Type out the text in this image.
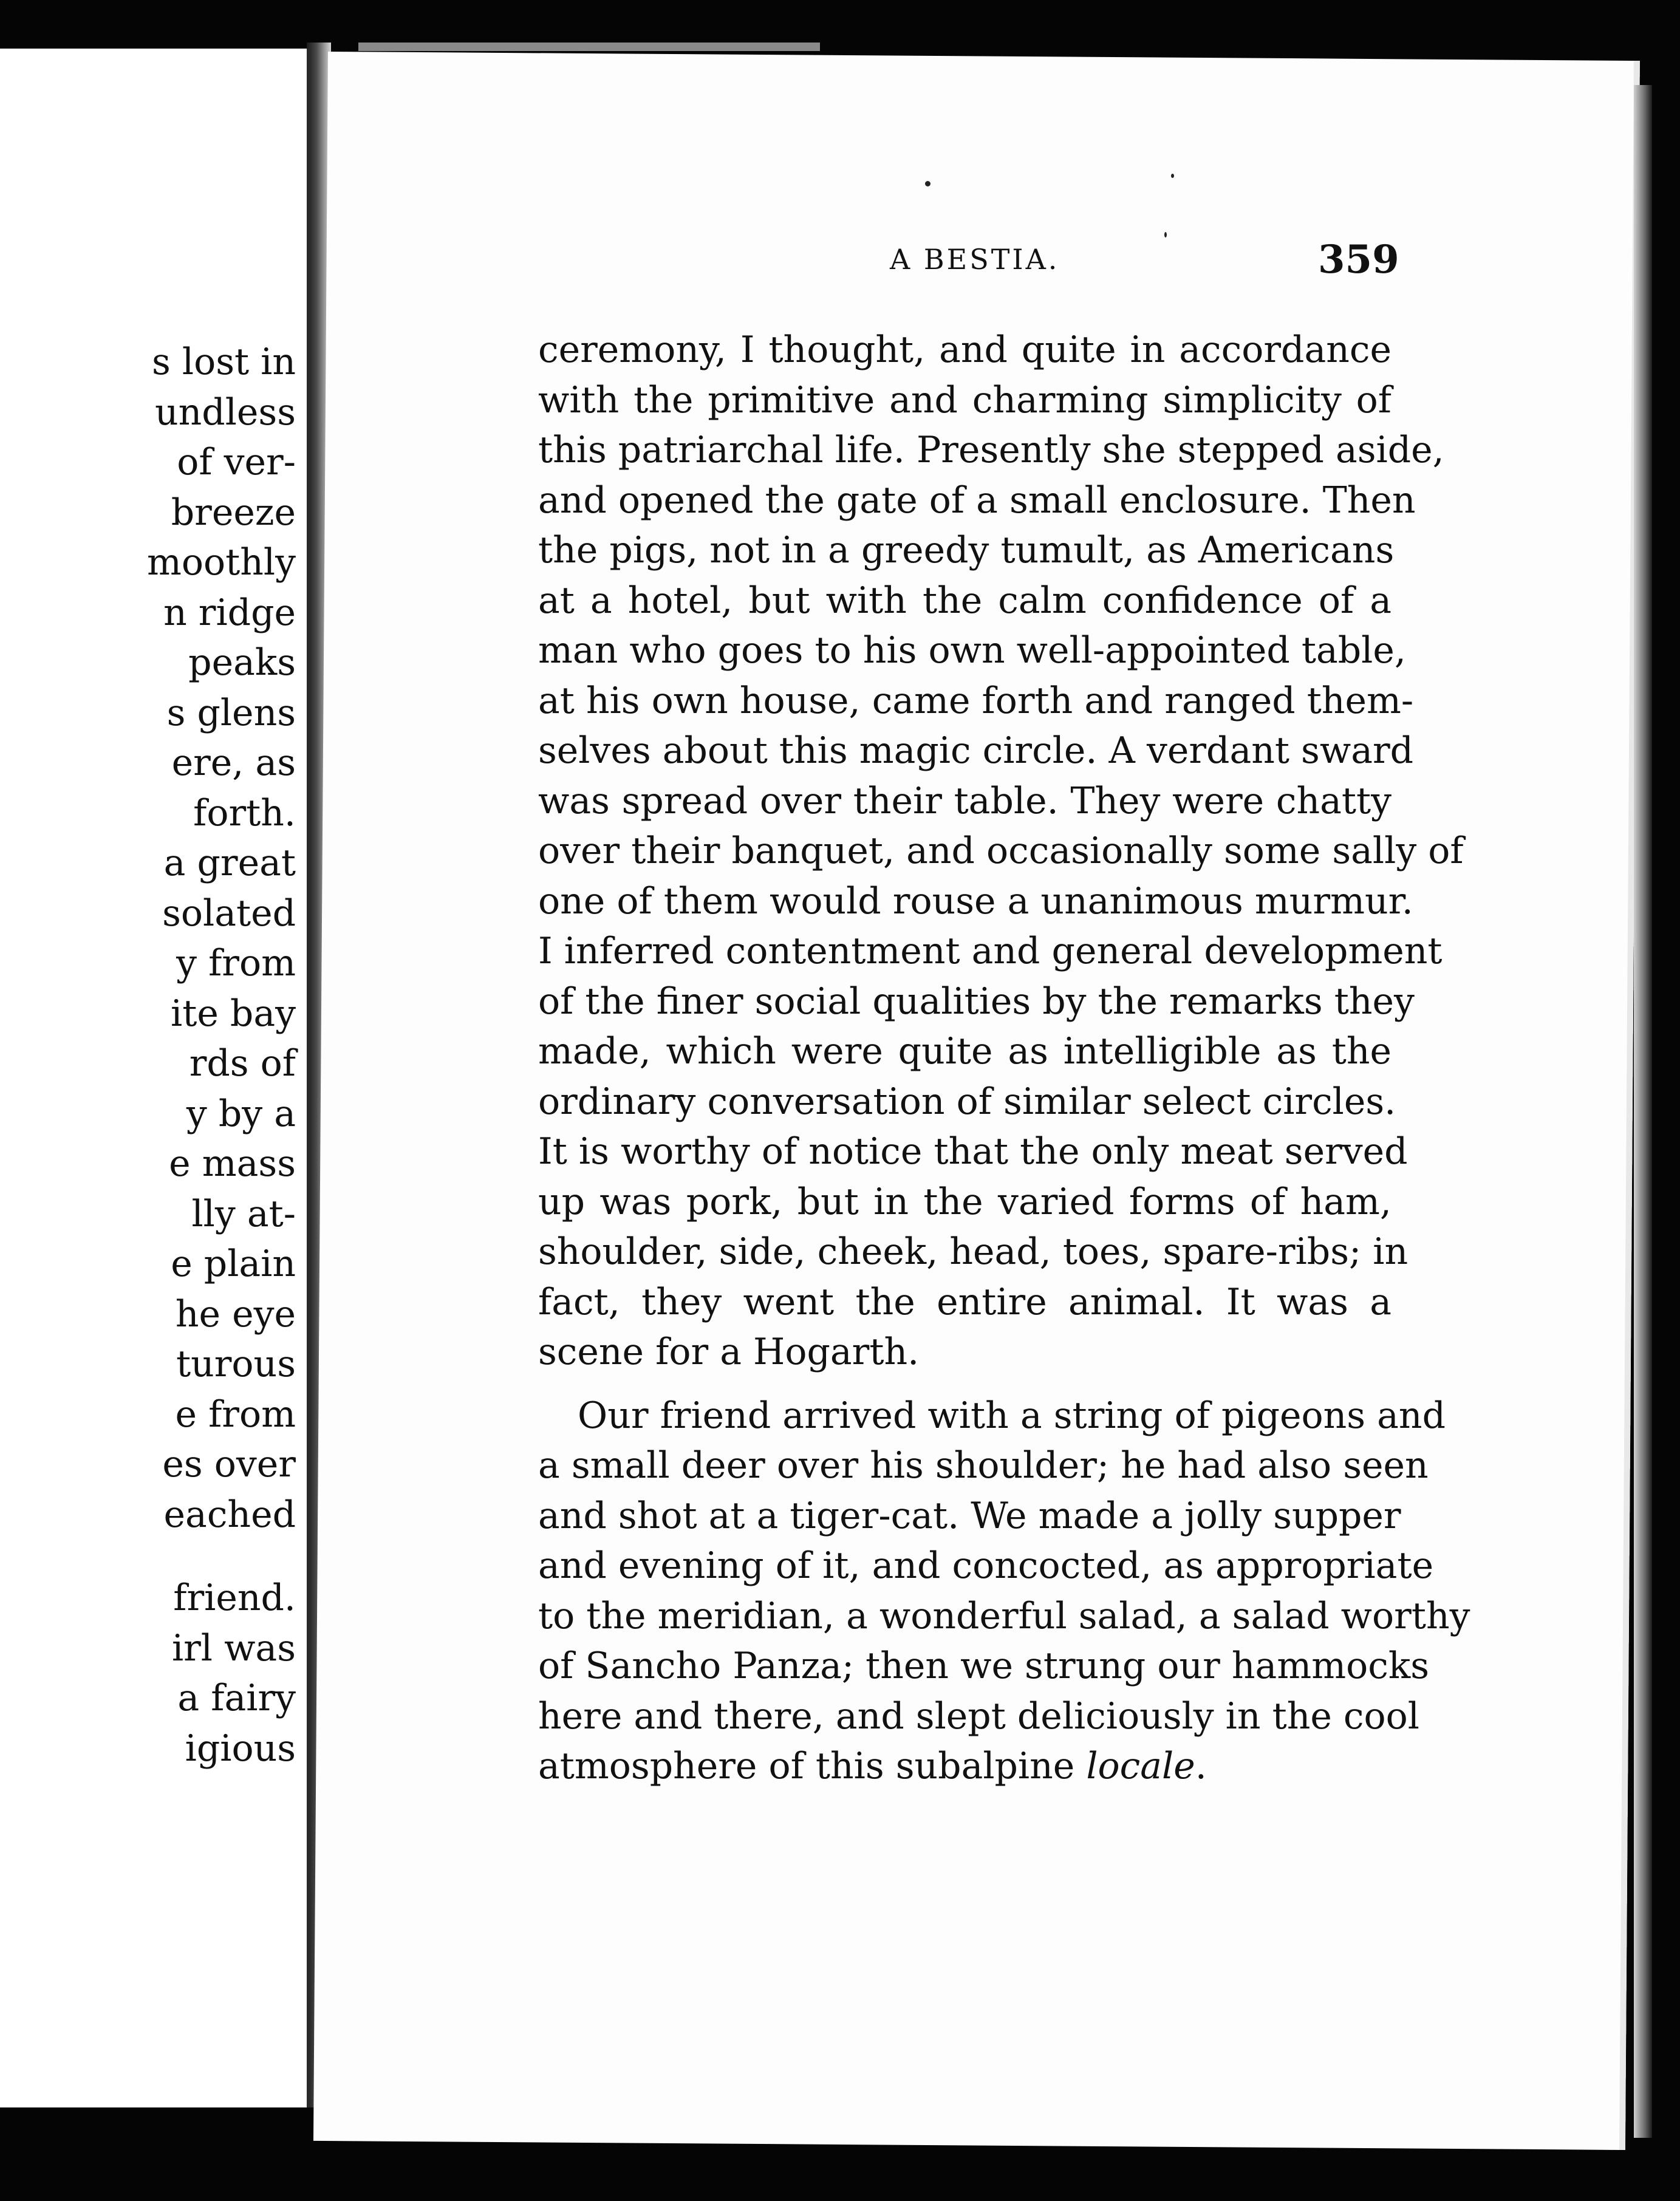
s lost in
undless
of ver-
breeze
moothly
n ridge
peaks
s glens
ere, as
forth.
a great
solated
y from
ite bay
rds of
y by a
e mass
lly at-
e plain
he eye
turous
e from
es over
eached
friend.
irl was
a fairy
igious
A BESTIA.	359
ceremony, I thought, and quite in accordance
with the primitive and charming simplicity of
this patriarchal life. Presently she stepped aside,
and opened the gate of a small enclosure. Then
the pigs, not in a greedy tumult, as Americans
at a hotel, but with the calm confidence of a
man who goes to his own well-appointed table,
at his own house, came forth and ranged them-
selves about this magic circle. A verdant sward
was spread over their table. They were chatty
over their banquet, and occasionally some sally of
one of them would rouse a unanimous murmur.
I inferred contentment and general development
of the finer social qualities by the remarks they
made, which were quite as intelligible as the
ordinary conversation of similar select circles.
It is worthy of notice that the only meat served
up was pork, but in the varied forms of ham,
shoulder, side, cheek, head, toes, spare-ribs; in
fact, they went the entire animal. It was a
scene for a Hogarth.
Our friend arrived with a string of pigeons and
a small deer over his shoulder; he had also seen
and shot at a tiger-cat. We made a jolly supper
and evening of it, and concocted, as appropriate
to the meridian, a wonderful salad, a salad worthy
of Sancho Panza; then we strung our hammocks
here and there, and slept deliciously in the cool
atmosphere of this subalpine locale.
